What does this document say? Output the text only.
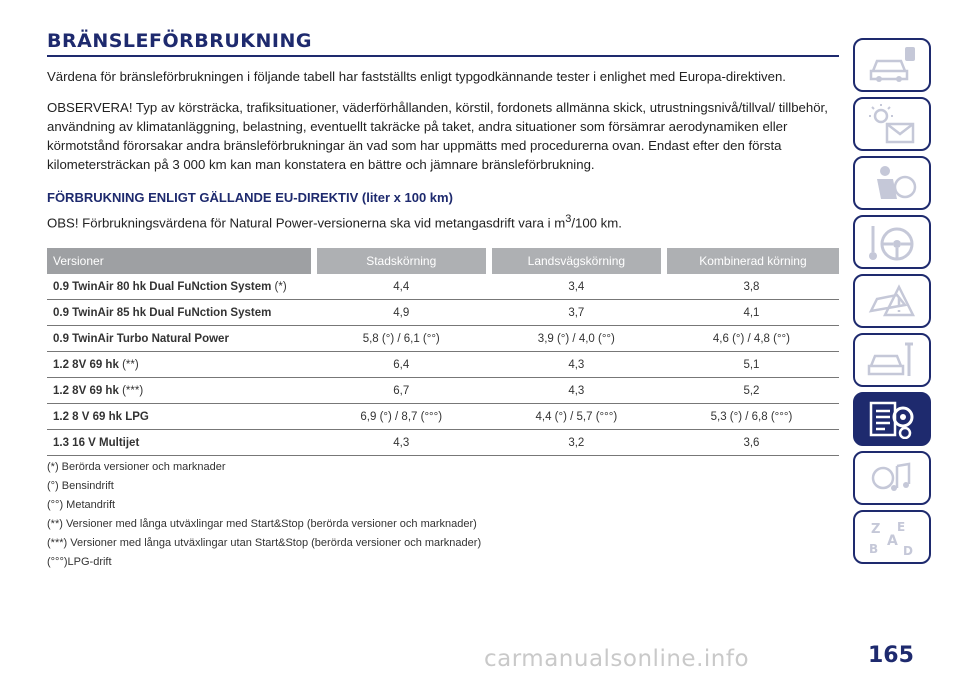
BRÄNSLEFÖRBRUKNING

Värdena för bränsleförbrukningen i följande tabell har fastställts enligt typgodkännande tester i enlighet med Europa-direktiven.

OBSERVERA! Typ av körsträcka, trafiksituationer, väderförhållanden, körstil, fordonets allmänna skick, utrustningsnivå/tillval/ tillbehör, användning av klimatanläggning, belastning, eventuellt takräcke på taket, andra situationer som försämrar aerodynamiken eller körmotstånd förorsakar andra bränsleförbrukningar än vad som har uppmätts med procedurerna ovan. Endast efter den första kilometersträckan på 3 000 km kan man konstatera en bättre och jämnare bränsleförbrukning.

FÖRBRUKNING ENLIGT GÄLLANDE EU-DIREKTIV (liter x 100 km)

OBS! Förbrukningsvärdena för Natural Power-versionerna ska vid metangasdrift vara i $m^3/100$ km.

Versioner	Stadskörning	Landsvägskörning	Kombinerad körning
0.9 TwinAir 80 hk Dual FuNction System (*)	4,4	3,4	3,8
0.9 TwinAir 85 hk Dual FuNction System	4,9	3,7	4,1
0.9 TwinAir Turbo Natural Power	5,8 (°) / 6,1 (°°)	3,9 (°) / 4,0 (°°)	4,6 (°) / 4,8 (°°)
1.2 8V 69 hk (**)	6,4	4,3	5,1
1.2 8V 69 hk (***)	6,7	4,3	5,2
1.2 8 V 69 hk LPG	6,9 (°) / 8,7 (°°°)	4,4 (°) / 5,7 (°°°)	5,3 (°) / 6,8 (°°°)
1.3 16 V Multijet	4,3	3,2	3,6
(*) Berörda versioner och marknader
(°) Bensindrift
(°°) Metandrift
(**) Versioner med långa utväxlingar med Start&Stop (berörda versioner och marknader)
(***) Versioner med långa utväxlingar utan Start&Stop (berörda versioner och marknader)
(°°°)LPG-drift
Z E
A
B D
carmanualsonline.info	165
